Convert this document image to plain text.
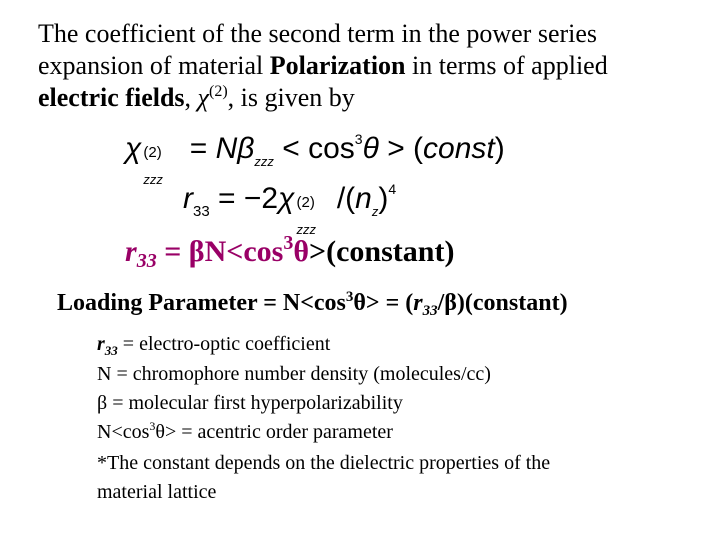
The coefficient of the second term in the power series
expansion of material Polarization in terms of applied
electric fields, $\chi^{(2)}$, is given by
χ (2)
zzz
= $N\beta_{zzz} < \cos^3\theta$ > (const)
$r_{33} = -2\chi$ (2)
zzz
$/(n_z)^4$
$r_{33}$ = $\beta N<\cos^3\theta>(constant)$
Loading Parameter = $N<\cos^3\theta>$ = $(r_{33}/\beta)(constant)$
$r_{33}$ = electro-optic coefficient
N = chromophore number density (molecules/cc)
β = molecular first hyperpolarizability
$N<\cos^3\theta>$ = acentric order parameter
*The constant depends on the dielectric properties of the
material lattice
